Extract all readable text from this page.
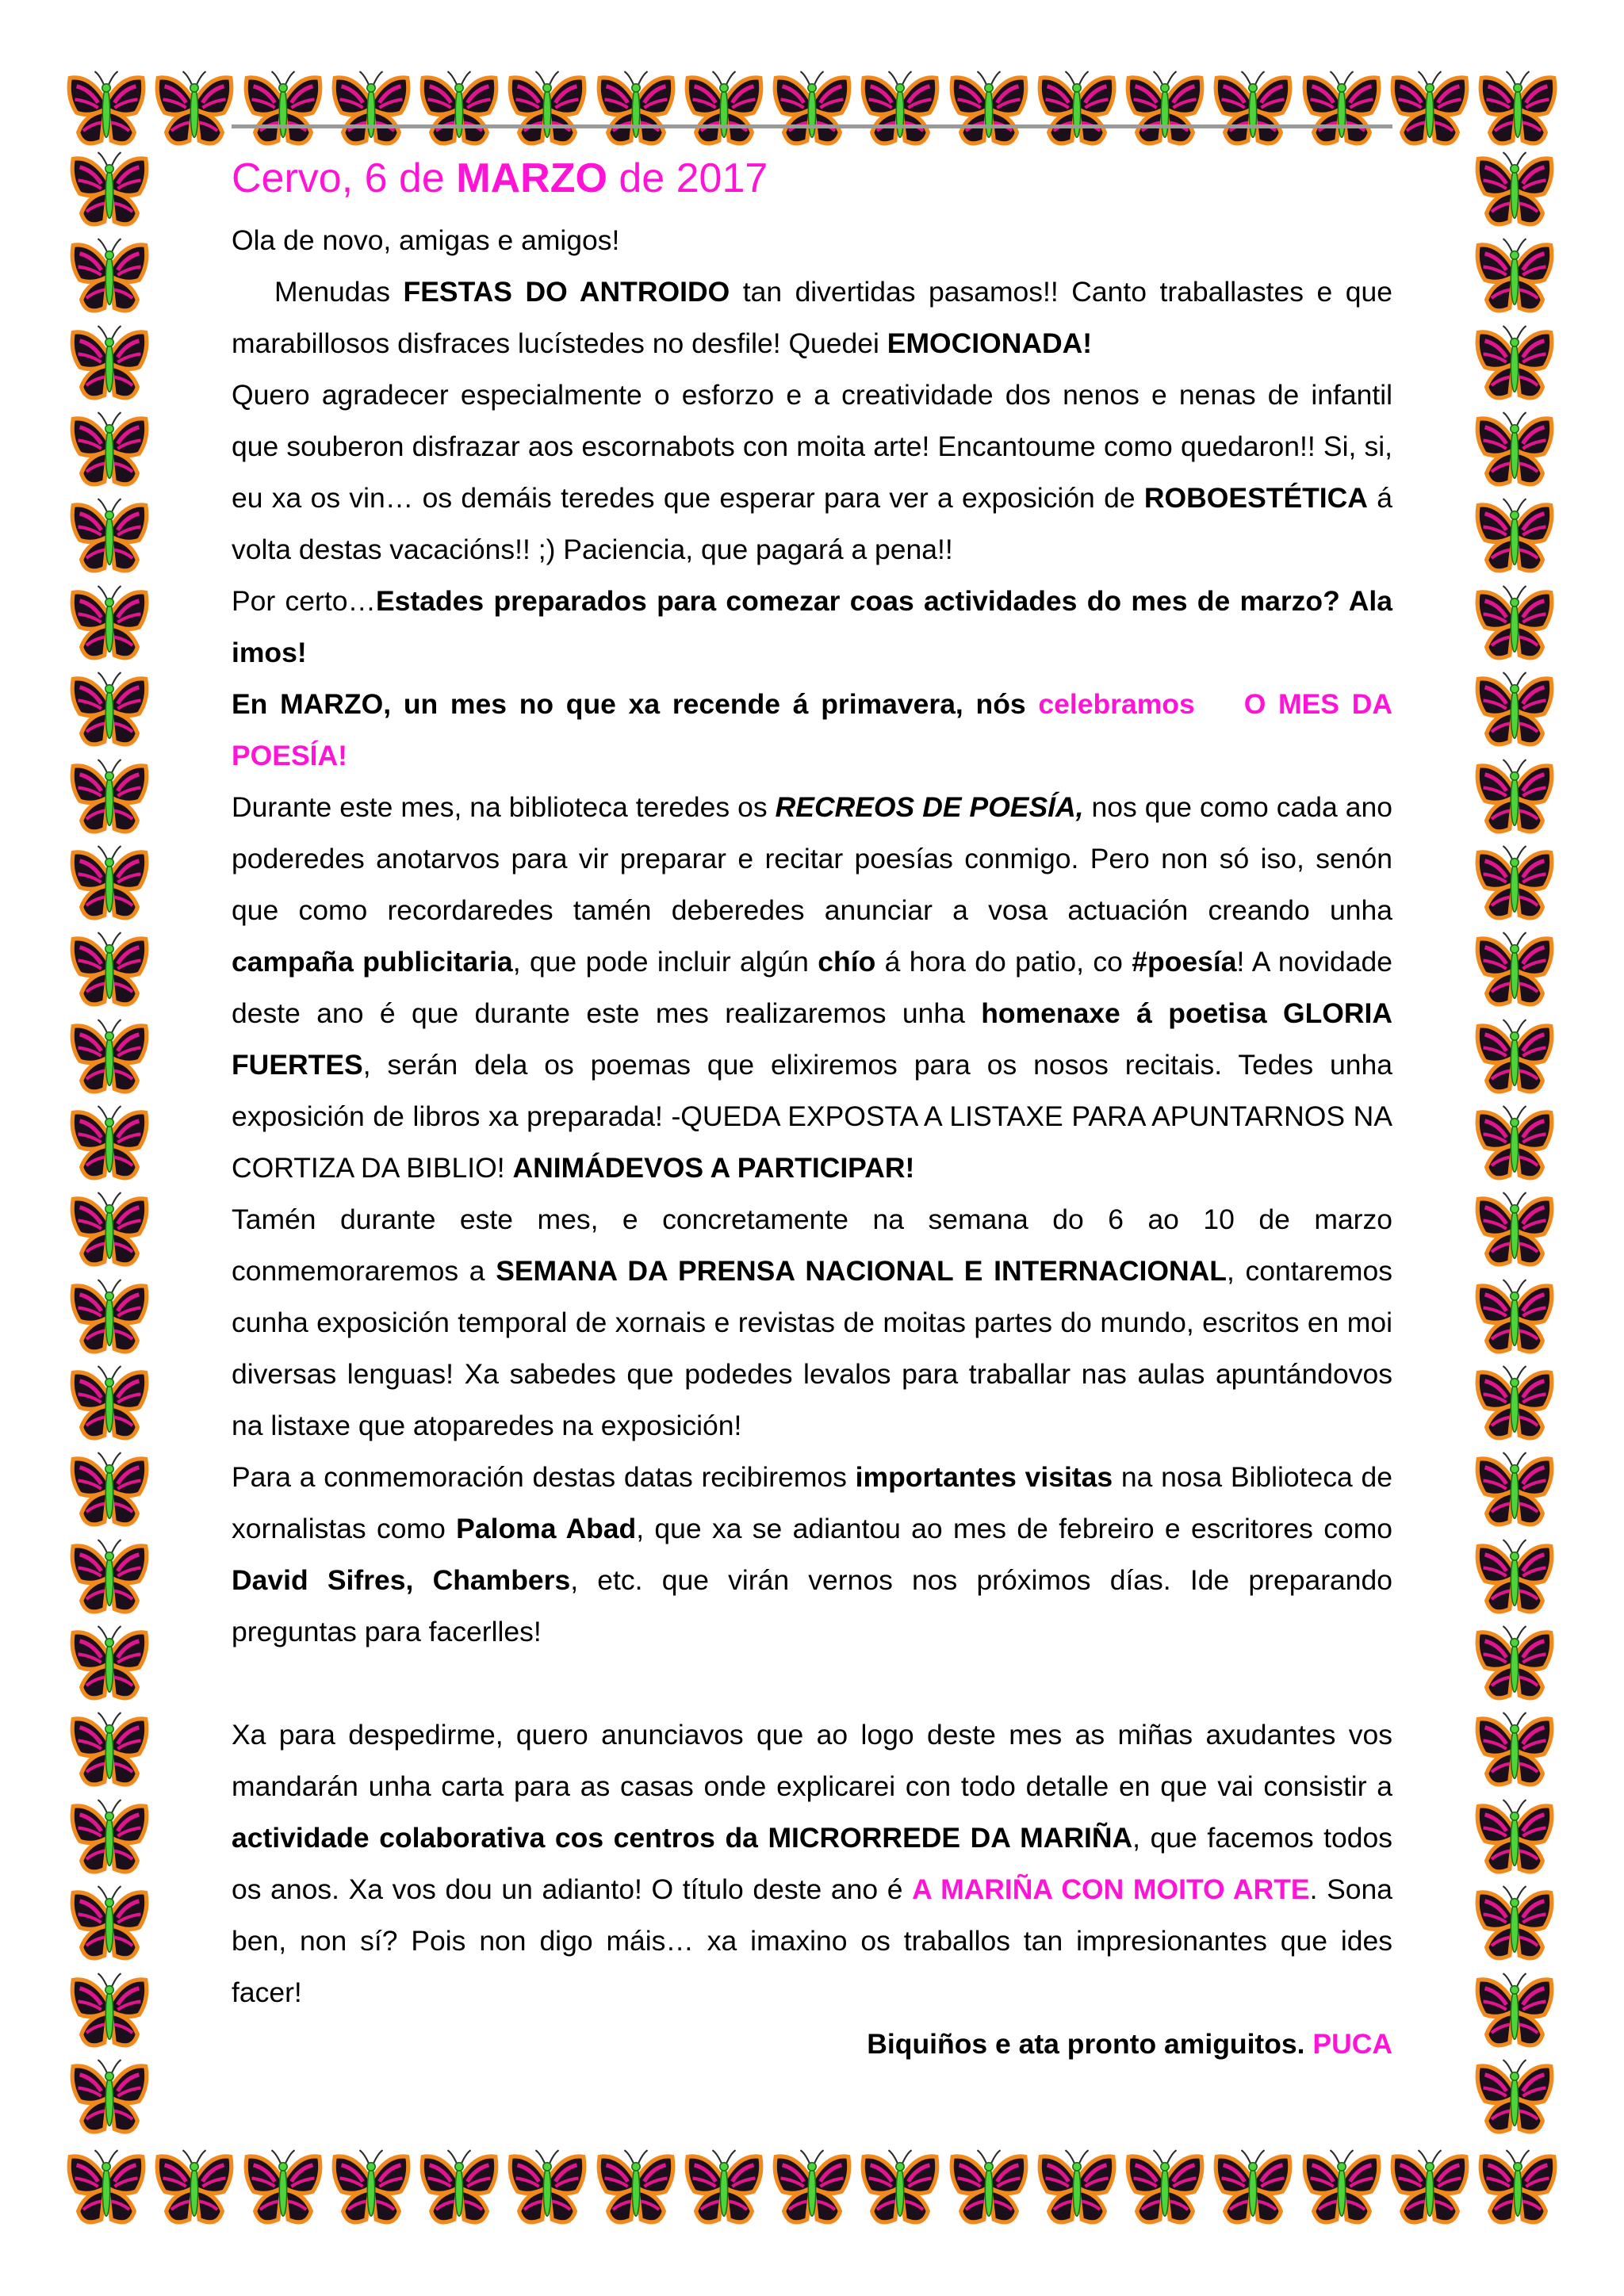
Cervo, 6 de MARZO de 2017

Ola de novo, amigas e amigos!

Menudas FESTAS DO ANTROIDO tan divertidas pasamos!! Canto traballastes e que marabillosos disfraces lucístedes no desfile! Quedei EMOCIONADA!

Quero agradecer especialmente o esforzo e a creatividade dos nenos e nenas de infantil que souberon disfrazar aos escornabots con moita arte! Encantoume como quedaron!! Si, si, eu xa os vin… os demáis teredes que esperar para ver a exposición de ROBOESTÉTICA á volta destas vacacións!! ;) Paciencia, que pagará a pena!!

Por certo…Estades preparados para comezar coas actividades do mes de marzo? Ala imos!

En MARZO, un mes no que xa recende á primavera, nós celebramos O MES DA POESÍA!

Durante este mes, na biblioteca teredes os RECREOS DE POESÍA, nos que como cada ano poderedes anotarvos para vir preparar e recitar poesías conmigo. Pero non só iso, senón que como recordaredes tamén deberedes anunciar a vosa actuación creando unha campaña publicitaria, que pode incluir algún chío á hora do patio, co #poesía! A novidade deste ano é que durante este mes realizaremos unha homenaxe á poetisa GLORIA FUERTES, serán dela os poemas que elixiremos para os nosos recitais. Tedes unha exposición de libros xa preparada! -QUEDA EXPOSTA A LISTAXE PARA APUNTARNOS NA CORTIZA DA BIBLIO! ANIMÁDEVOS A PARTICIPAR!

Tamén durante este mes, e concretamente na semana do 6 ao 10 de marzo conmemoraremos a SEMANA DA PRENSA NACIONAL E INTERNACIONAL, contaremos cunha exposición temporal de xornais e revistas de moitas partes do mundo, escritos en moi diversas lenguas! Xa sabedes que podedes levalos para traballar nas aulas apuntándovos na listaxe que atoparedes na exposición!

Para a conmemoración destas datas recibiremos importantes visitas na nosa Biblioteca de xornalistas como Paloma Abad, que xa se adiantou ao mes de febreiro e escritores como David Sifres, Chambers, etc. que virán vernos nos próximos días. Ide preparando preguntas para facerlles!

Xa para despedirme, quero anunciavos que ao logo deste mes as miñas axudantes vos mandarán unha carta para as casas onde explicarei con todo detalle en que vai consistir a actividade colaborativa cos centros da MICRORREDE DA MARIÑA, que facemos todos os anos. Xa vos dou un adianto! O título deste ano é A MARIÑA CON MOITO ARTE. Sona ben, non sí? Pois non digo máis… xa imaxino os traballos tan impresionantes que ides facer!

Biquiños e ata pronto amiguitos. PUCA
